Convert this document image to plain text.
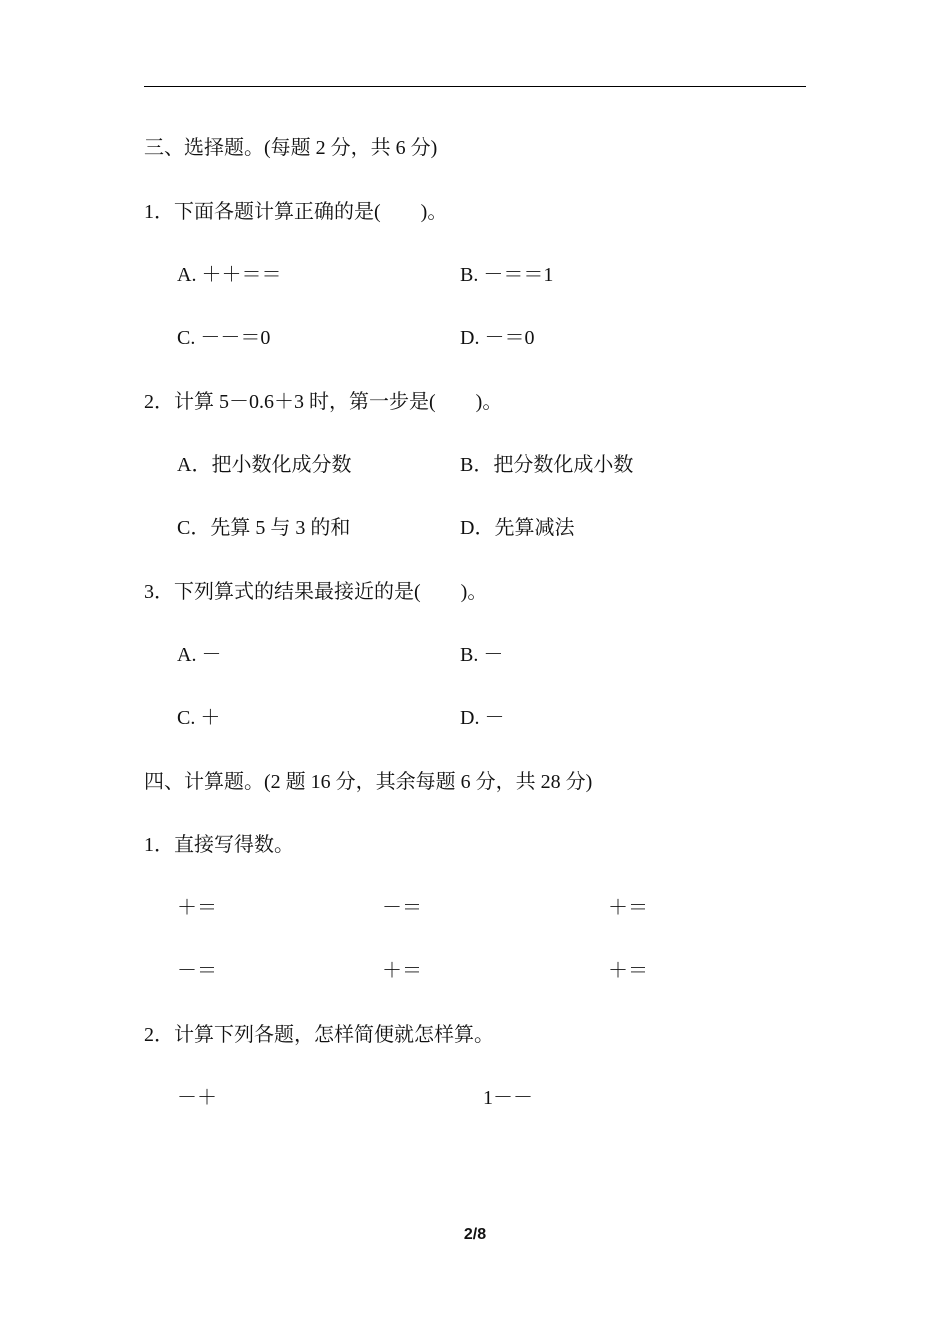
三、选择题。(每题 2 分，共 6 分)
1．下面各题计算正确的是(　　)。
A. ＋＋＝＝	B. －＝＝1
C. －－＝0	D. －＝0
2．计算 5－0.6＋3 时，第一步是(　　)。
A．把小数化成分数	B．把分数化成小数
C．先算 5 与 3 的和	D．先算减法
3．下列算式的结果最接近的是(　　)。
A. －	B. －
C. ＋	D. －
四、计算题。(2 题 16 分，其余每题 6 分，共 28 分)
1．直接写得数。
＋＝	－＝	＋＝
－＝	＋＝	＋＝
2．计算下列各题，怎样简便就怎样算。
－＋	1－－
2/8
